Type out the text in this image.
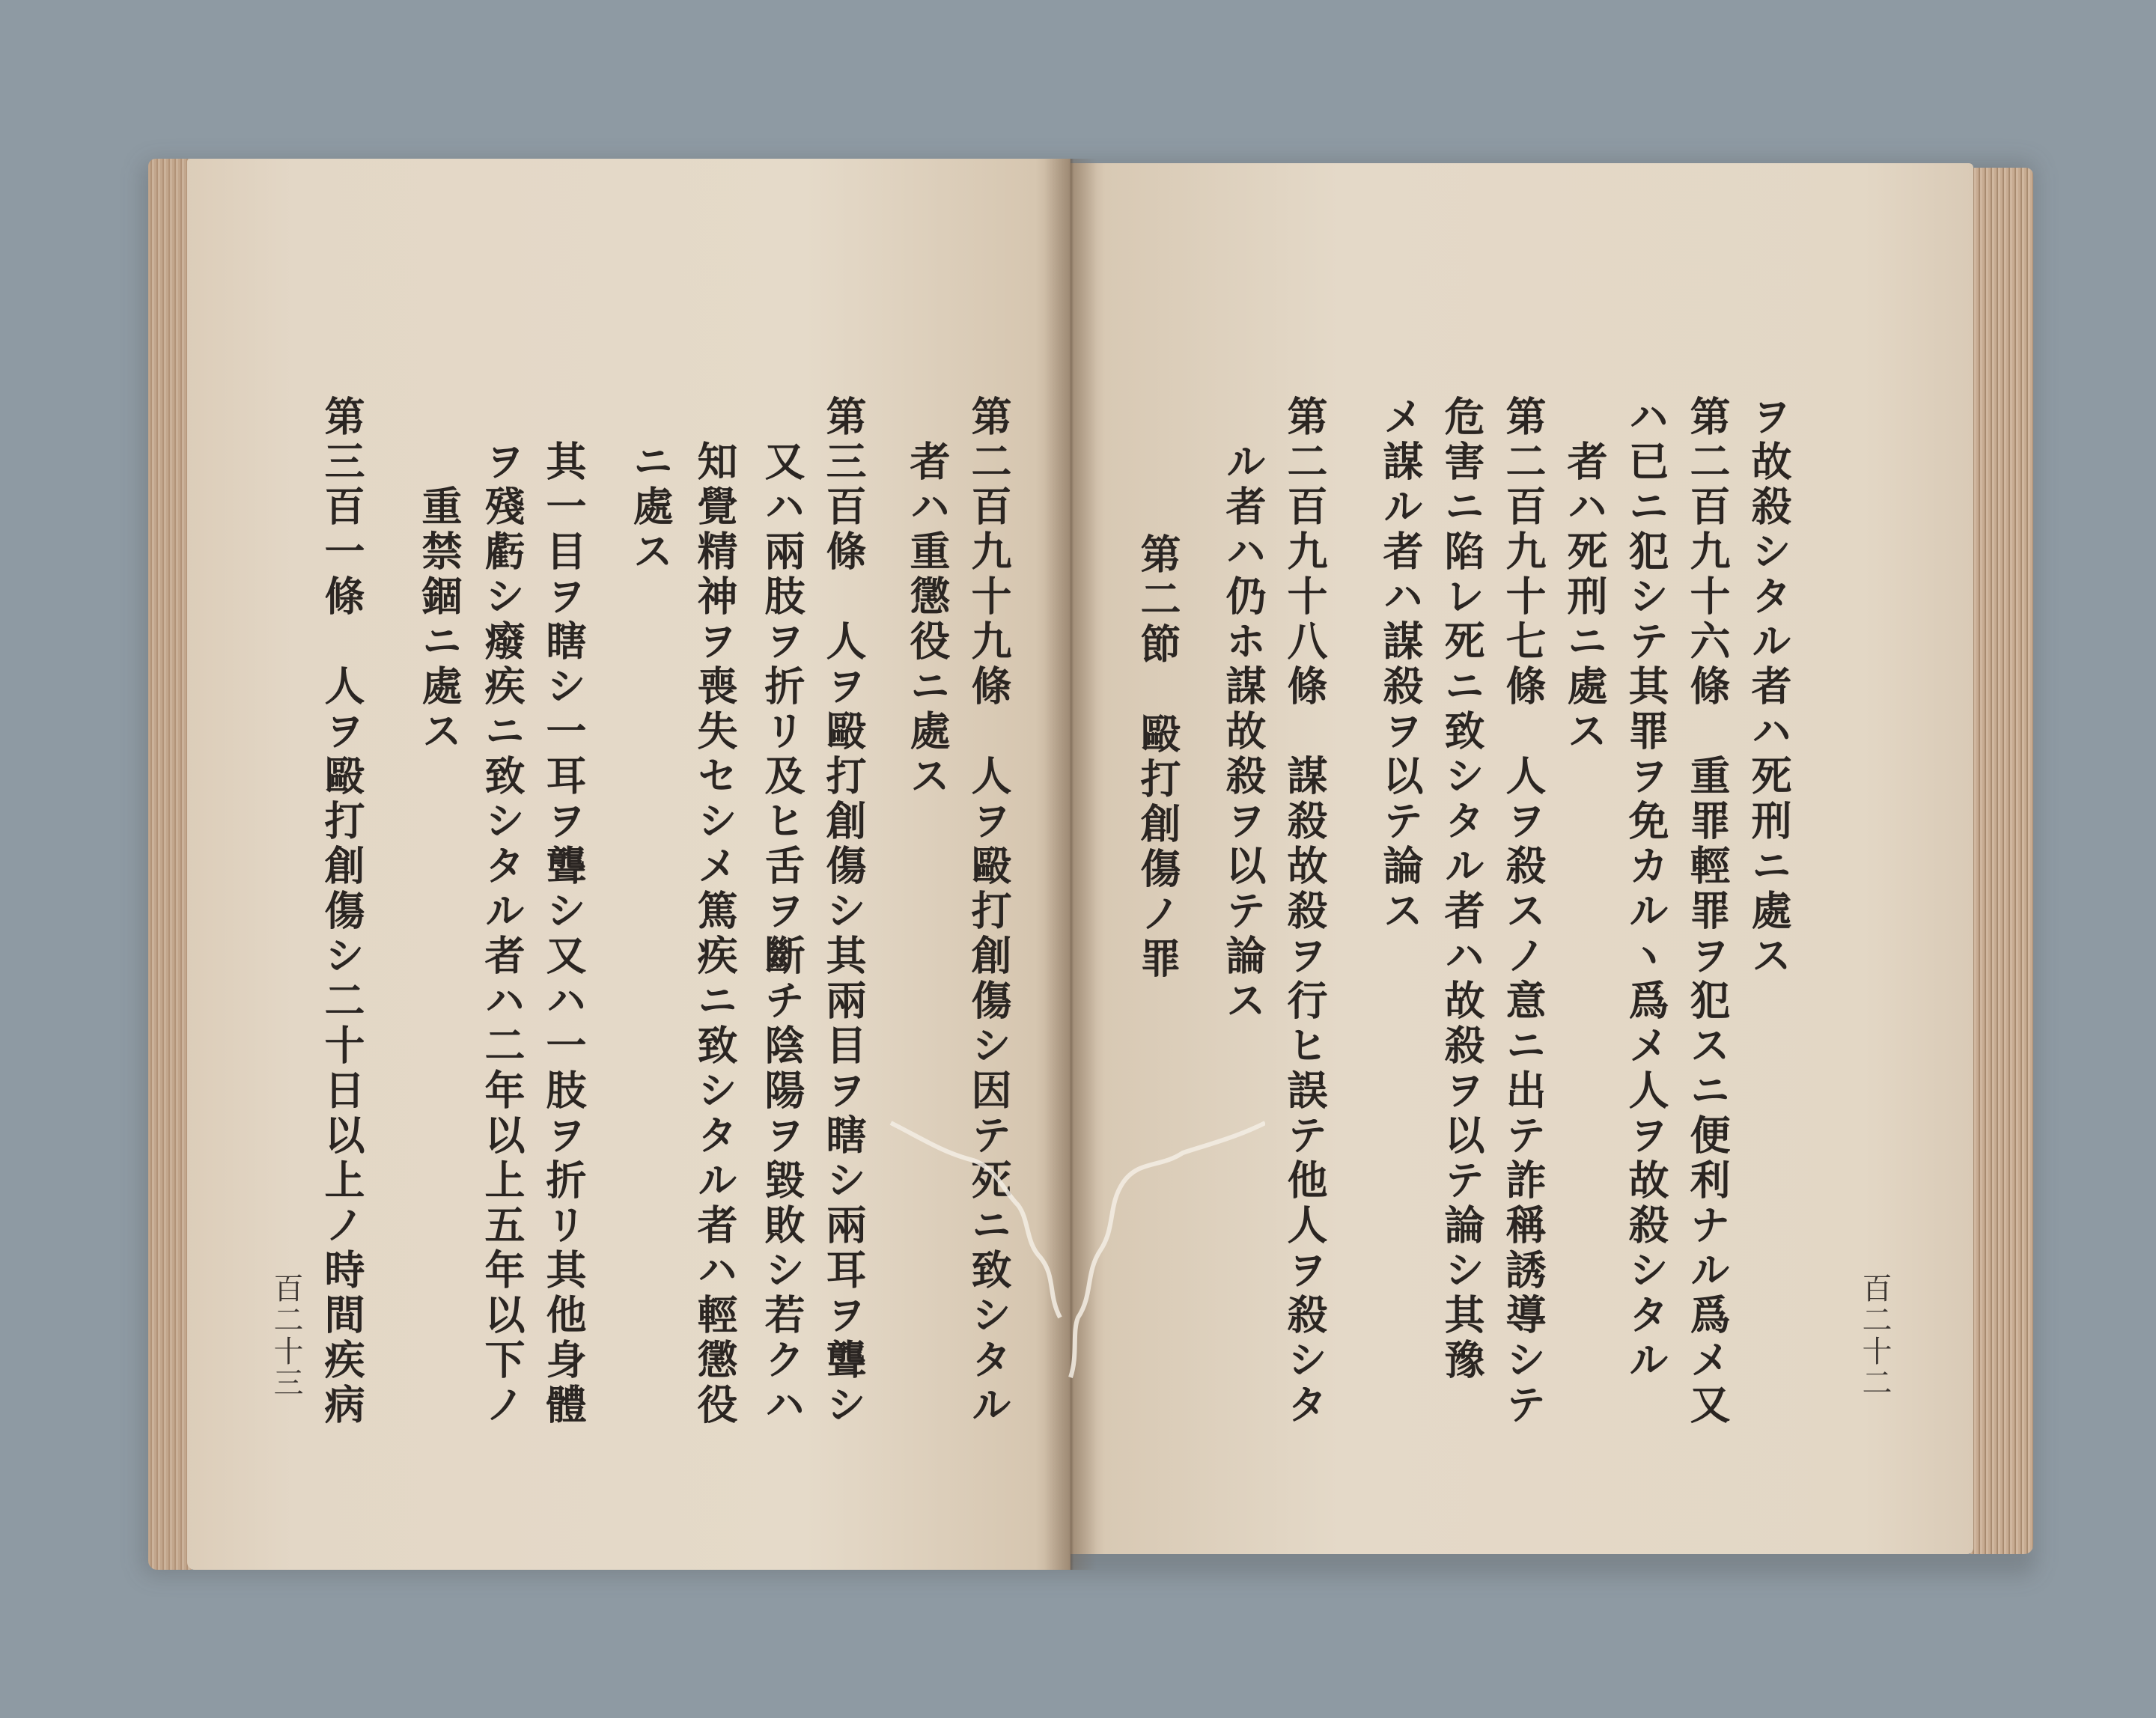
ヲ故殺シタル者ハ死刑ニ處ス
第二百九十六條　重罪輕罪ヲ犯スニ便利ナル爲メ又
ハ已ニ犯シテ其罪ヲ免カルヽ爲メ人ヲ故殺シタル
者ハ死刑ニ處ス
第二百九十七條　人ヲ殺スノ意ニ出テ詐稱誘導シテ
危害ニ陷レ死ニ致シタル者ハ故殺ヲ以テ論シ其豫
メ謀ル者ハ謀殺ヲ以テ論ス
第二百九十八條　謀殺故殺ヲ行ヒ誤テ他人ヲ殺シタ
ル者ハ仍ホ謀故殺ヲ以テ論ス
第二節　毆打創傷ノ罪
百二十二
第二百九十九條　人ヲ毆打創傷シ因テ死ニ致シタル
者ハ重懲役ニ處ス
第三百條　人ヲ毆打創傷シ其兩目ヲ瞎シ兩耳ヲ聾シ
又ハ兩肢ヲ折リ及ヒ舌ヲ斷チ陰陽ヲ毀敗シ若クハ
知覺精神ヲ喪失セシメ篤疾ニ致シタル者ハ輕懲役
ニ處ス
其一目ヲ瞎シ一耳ヲ聾シ又ハ一肢ヲ折リ其他身體
ヲ殘虧シ癈疾ニ致シタル者ハ二年以上五年以下ノ
重禁錮ニ處ス
第三百一條　人ヲ毆打創傷シ二十日以上ノ時間疾病
百二十三
